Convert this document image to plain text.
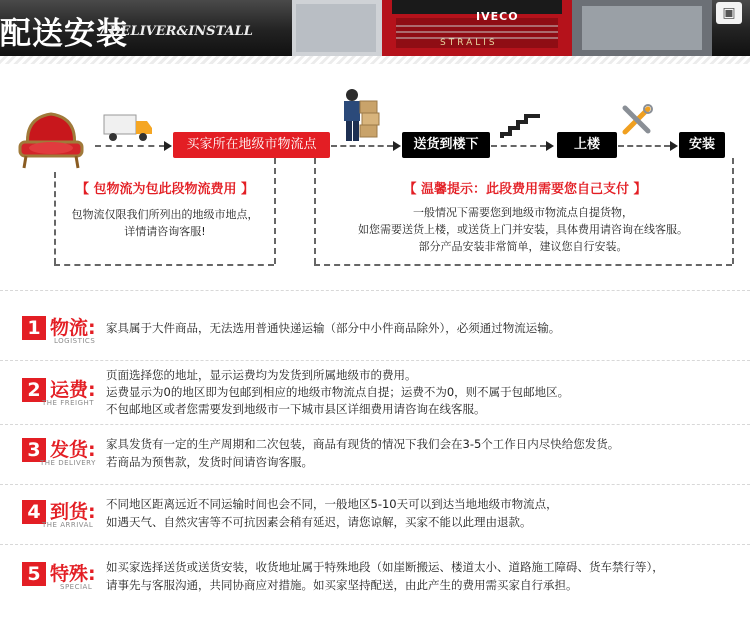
配送安装
/ DELIVER&INSTALL
IVECO
STRALIS
▣
买家所在地级市物流点	送货到楼下	上楼	安装
【 包物流为包此段物流费用 】
包物流仅限我们所列出的地级市地点，
详情请咨询客服!
【 温馨提示：此段费用需要您自己支付 】
一般情况下需要您到地级市物流点自提货物，
如您需要送货上楼，或送货上门并安装，具体费用请咨询在线客服。
部分产品安装非常简单，建议您自行安装。
1 物流:
LOGISTICS
家具属于大件商品，无法选用普通快递运输（部分中小件商品除外），必须通过物流运输。
2 运费:
THE FREIGHT
页面选择您的地址，显示运费均为发货到所属地级市的费用。
运费显示为0的地区即为包邮到相应的地级市物流点自提；运费不为0，则不属于包邮地区。
不包邮地区或者您需要发到地级市一下城市县区详细费用请咨询在线客服。
3 发货:
THE DELIVERY
家具发货有一定的生产周期和二次包装，商品有现货的情况下我们会在3-5个工作日内尽快给您发货。
若商品为预售款，发货时间请咨询客服。
4 到货:
THE ARRIVAL
不同地区距离远近不同运输时间也会不同，一般地区5-10天可以到达当地地级市物流点，
如遇天气、自然灾害等不可抗因素会稍有延迟，请您谅解，买家不能以此理由退款。
5 特殊:
SPECIAL
如买家选择送货或送货安装，收货地址属于特殊地段（如崖断搬运、楼道太小、道路施工障碍、货车禁行等），
请事先与客服沟通，共同协商应对措施。如买家坚持配送，由此产生的费用需买家自行承担。
